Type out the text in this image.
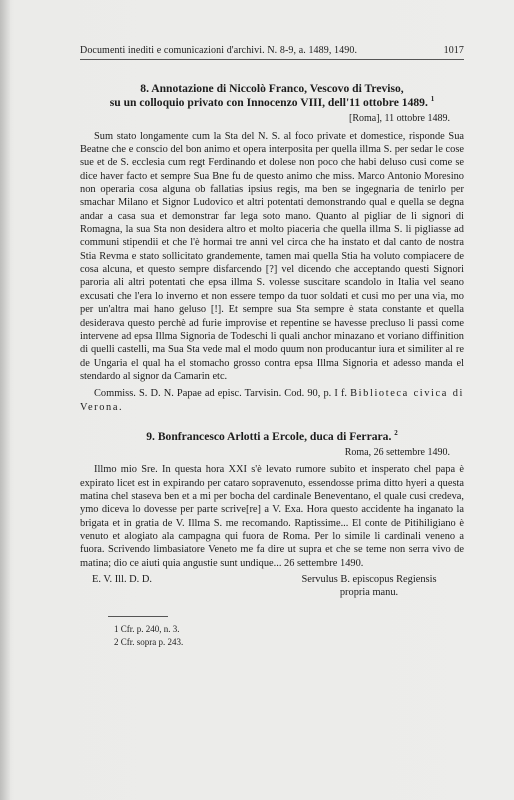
Documenti inediti e comunicazioni d'archivi. N. 8-9, a. 1489, 1490.	1017
8. Annotazione di Niccolò Franco, Vescovo di Treviso,
su un colloquio privato con Innocenzo VIII, dell'11 ottobre 1489. $^1$
[Roma], 11 ottobre 1489.

Sum stato longamente cum la Sta del N. S. al foco private et domestice, risponde Sua Beatne che e conscio del bon animo et opera interposita per quella illma S. per sedar le cose sue et de S. ecclesia cum regt Ferdinando et dolese non poco che habi deluso cusi come se dice haver facto et sempre Sua Bne fu de questo animo che miss. Marco Antonio Moresino non operaria cosa alguna ob fallatias ipsius regis, ma ben se ingegnaria de tenirlo per smachar Milano et Signor Ludovico et altri potentati demonstrando qual e quella se degna andar a casa sua et demonstrar far lega soto mano. Quanto al pigliar de li signori di Romagna, la sua Sta non desidera altro et molto piaceria che quella illma S. li pigliasse ad communi stipendii et che l'è hormai tre anni vel circa che ha instato et dal canto de nostra Stia Revma e stato sollicitato grandemente, tamen mai quella Stia ha voluto compiacere de cosa alcuna, et questo sempre disfarcendo [?] vel dicendo che acceptando questi Signori paroria ali altri potentati che epsa illma S. volesse suscitare scandolo in Italia vel seano excusati che l'era lo inverno et non essere tempo da tuor soldati et cusi mo per una via, mo per un'altra mai hano geluso [!]. Et sempre sua Sta sempre è stata constante et quella desiderava questo perchè ad furie improvise et repentine se havesse precluso li passi come intervene ad epsa Illma Signoria de Todeschi li quali anchor minazano et voriano diffinition di quelli castelli, ma Sua Sta vede mal el modo quum non producantur iura et similiter al re de Ungaria el qual ha el stomacho grosso contra epsa Illma Signoria et adesso manda el stendardo al signor da Camarin etc.

Commiss. S. D. N. Papae ad episc. Tarvisin. Cod. 90, p. I f. Biblioteca civica di Verona.

9. Bonfrancesco Arlotti a Ercole, duca di Ferrara. $^2$
Roma, 26 settembre 1490.

Illmo mio Sre. In questa hora XXI s'è levato rumore subito et insperato chel papa è expirato licet est in expirando per cataro sopravenuto, essendosse prima ditto hyeri a questa matina chel staseva ben et a mi per bocha del cardinale Beneventano, el quale cusi credeva, ymo diceva lo dovesse per parte scrive[re] a V. Exa. Hora questo accidente ha inganato la brigata et in gratia de V. Illma S. me recomando. Raptissime... El conte de Pitihiligiano è venuto et alogiato ala campagna qui fuora de Roma. Per lo simile li cardinali veneno a fuora. Scrivendo limbasiatore Veneto me fa dire ut supra et che se teme non serra vivo de matina; dio ce aiuti quia angustie sunt undique... 26 settembre 1490.

E. V. Ill. D. D.	Servulus B. episcopus Regiensis
propria manu.
1 Cfr. p. 240, n. 3.
2 Cfr. sopra p. 243.
